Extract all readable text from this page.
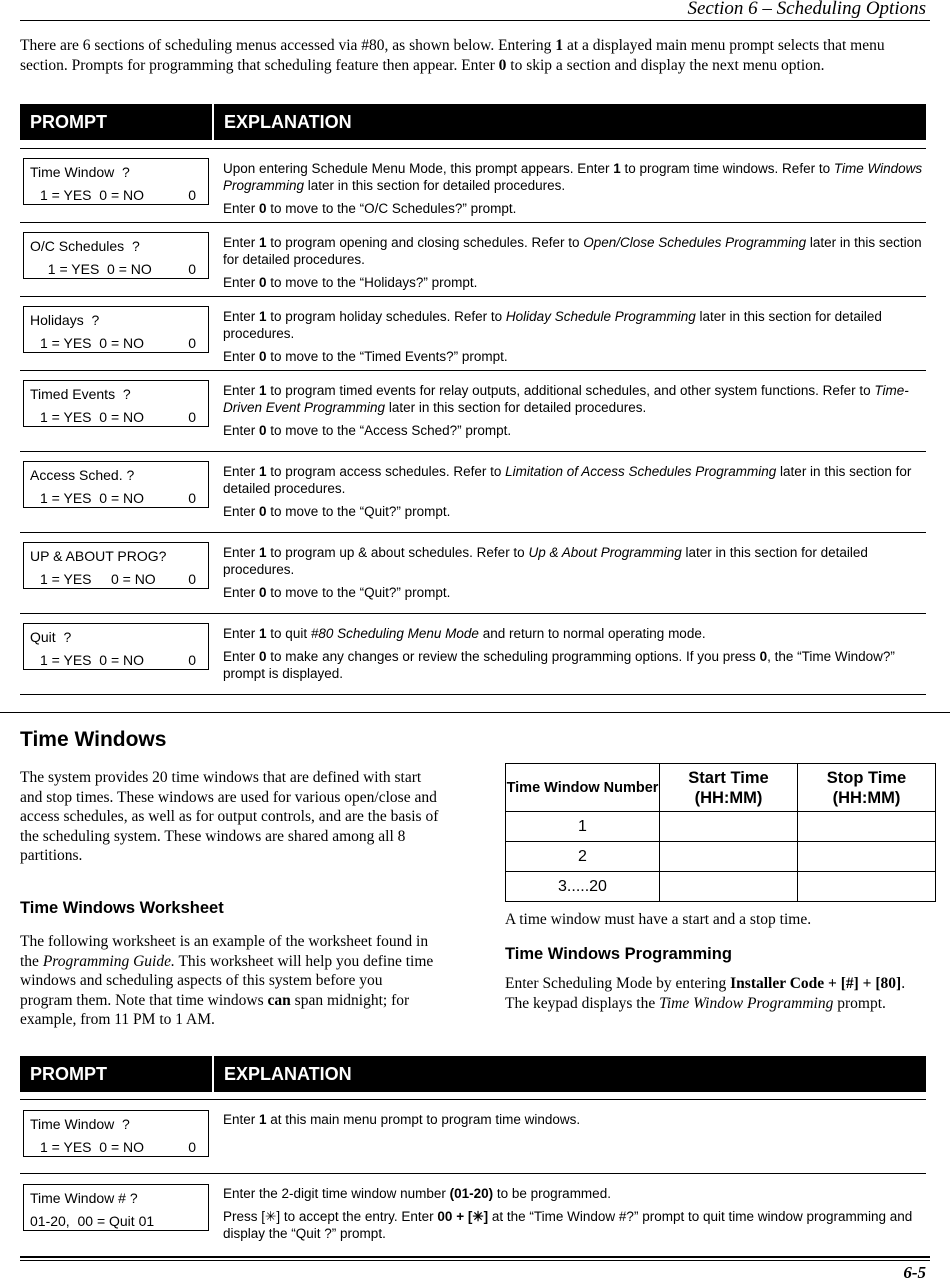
Section 6 – Scheduling Options
There are 6 sections of scheduling menus accessed via #80, as shown below. Entering 1 at a displayed main menu prompt selects that menu section. Prompts for programming that scheduling feature then appear. Enter 0 to skip a section and display the next menu option.
PROMPT	EXPLANATION
Time Window  ?
1 = YES  0 = NO	0

Upon entering Schedule Menu Mode, this prompt appears. Enter 1 to program time windows. Refer to Time Windows Programming later in this section for detailed procedures.

Enter 0 to move to the “O/C Schedules?” prompt.

O/C Schedules  ?
1 = YES  0 = NO	0

Enter 1 to program opening and closing schedules. Refer to Open/Close Schedules Programming later in this section for detailed procedures.

Enter 0 to move to the “Holidays?” prompt.

Holidays  ?
1 = YES  0 = NO	0

Enter 1 to program holiday schedules. Refer to Holiday Schedule Programming later in this section for detailed procedures.

Enter 0 to move to the “Timed Events?” prompt.

Timed Events  ?
1 = YES  0 = NO	0

Enter 1 to program timed events for relay outputs, additional schedules, and other system functions. Refer to Time-Driven Event Programming later in this section for detailed procedures.

Enter 0 to move to the “Access Sched?” prompt.

Access Sched. ?
1 = YES  0 = NO	0

Enter 1 to program access schedules. Refer to Limitation of Access Schedules Programming later in this section for detailed procedures.

Enter 0 to move to the “Quit?” prompt.

UP & ABOUT PROG?
1 = YES     0 = NO 0

Enter 1 to program up & about schedules. Refer to Up & About Programming later in this section for detailed procedures.

Enter 0 to move to the “Quit?” prompt.

Quit  ?
1 = YES  0 = NO	0

Enter 1 to quit #80 Scheduling Menu Mode and return to normal operating mode.

Enter 0 to make any changes or review the scheduling programming options. If you press 0, the “Time Window?” prompt is displayed.

Time Windows
The system provides 20 time windows that are defined with start and stop times. These windows are used for various open/close and access schedules, as well as for output controls, and are the basis of the scheduling system. These windows are shared among all 8 partitions.
Time Windows Worksheet
The following worksheet is an example of the worksheet found in the Programming Guide. This worksheet will help you define time windows and scheduling aspects of this system before you program them. Note that time windows can span midnight; for example, from 11 PM to 1 AM.
Time Window Number	Start Time (HH:MM)	Stop Time (HH:MM)
1		
2		
3.....20		
A time window must have a start and a stop time.
Time Windows Programming
Enter Scheduling Mode by entering Installer Code + [#] + [80]. The keypad displays the Time Window Programming prompt.
PROMPT	EXPLANATION
Time Window  ?
1 = YES  0 = NO	0

Enter 1 at this main menu prompt to program time windows.

Time Window # ?
01-20,  00 = Quit 01

Enter the 2-digit time window number (01-20) to be programmed.

Press [✳] to accept the entry. Enter 00 + [✳] at the “Time Window #?” prompt to quit time window programming and display the “Quit ?” prompt.

6-5
